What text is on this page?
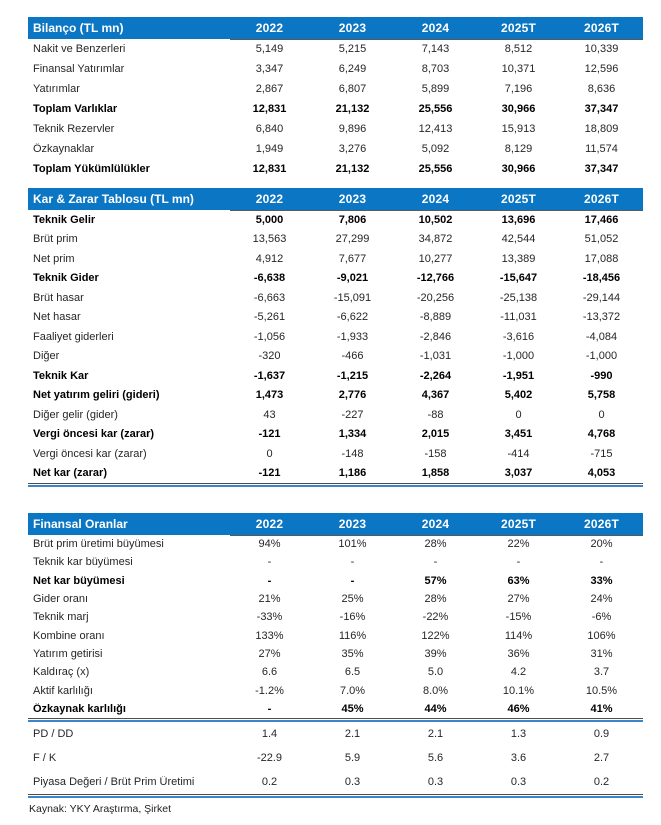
Bilanço (TL mn)	2022	2023	2024	2025T	2026T
Nakit ve Benzerleri	5,149	5,215	7,143	8,512	10,339
Finansal Yatırımlar	3,347	6,249	8,703	10,371	12,596
Yatırımlar	2,867	6,807	5,899	7,196	8,636
Toplam Varlıklar	12,831	21,132	25,556	30,966	37,347
Teknik Rezervler	6,840	9,896	12,413	15,913	18,809
Özkaynaklar	1,949	3,276	5,092	8,129	11,574
Toplam Yükümlülükler	12,831	21,132	25,556	30,966	37,347
Kar & Zarar Tablosu (TL mn)	2022	2023	2024	2025T	2026T
Teknik Gelir	5,000	7,806	10,502	13,696	17,466
Brüt prim	13,563	27,299	34,872	42,544	51,052
Net prim	4,912	7,677	10,277	13,389	17,088
Teknik Gider	-6,638	-9,021	-12,766	-15,647	-18,456
Brüt hasar	-6,663	-15,091	-20,256	-25,138	-29,144
Net hasar	-5,261	-6,622	-8,889	-11,031	-13,372
Faaliyet giderleri	-1,056	-1,933	-2,846	-3,616	-4,084
Diğer	-320	-466	-1,031	-1,000	-1,000
Teknik Kar	-1,637	-1,215	-2,264	-1,951	-990
Net yatırım geliri (gideri)	1,473	2,776	4,367	5,402	5,758
Diğer gelir (gider)	43	-227	-88	0	0
Vergi öncesi kar (zarar)	-121	1,334	2,015	3,451	4,768
Vergi öncesi kar (zarar)	0	-148	-158	-414	-715
Net kar (zarar)	-121	1,186	1,858	3,037	4,053
Finansal Oranlar	2022	2023	2024	2025T	2026T
Brüt prim üretimi büyümesi	94%	101%	28%	22%	20%
Teknik kar büyümesi	-	-	-	-	-
Net kar büyümesi	-	-	57%	63%	33%
Gider oranı	21%	25%	28%	27%	24%
Teknik marj	-33%	-16%	-22%	-15%	-6%
Kombine oranı	133%	116%	122%	114%	106%
Yatırım getirisi	27%	35%	39%	36%	31%
Kaldıraç (x)	6.6	6.5	5.0	4.2	3.7
Aktif karlılığı	-1.2%	7.0%	8.0%	10.1%	10.5%
Özkaynak karlılığı	-	45%	44%	46%	41%
PD / DD	1.4	2.1	2.1	1.3	0.9
F / K	-22.9	5.9	5.6	3.6	2.7
Piyasa Değeri / Brüt Prim Üretimi	0.2	0.3	0.3	0.3	0.2
Kaynak: YKY Araştırma, Şirket
